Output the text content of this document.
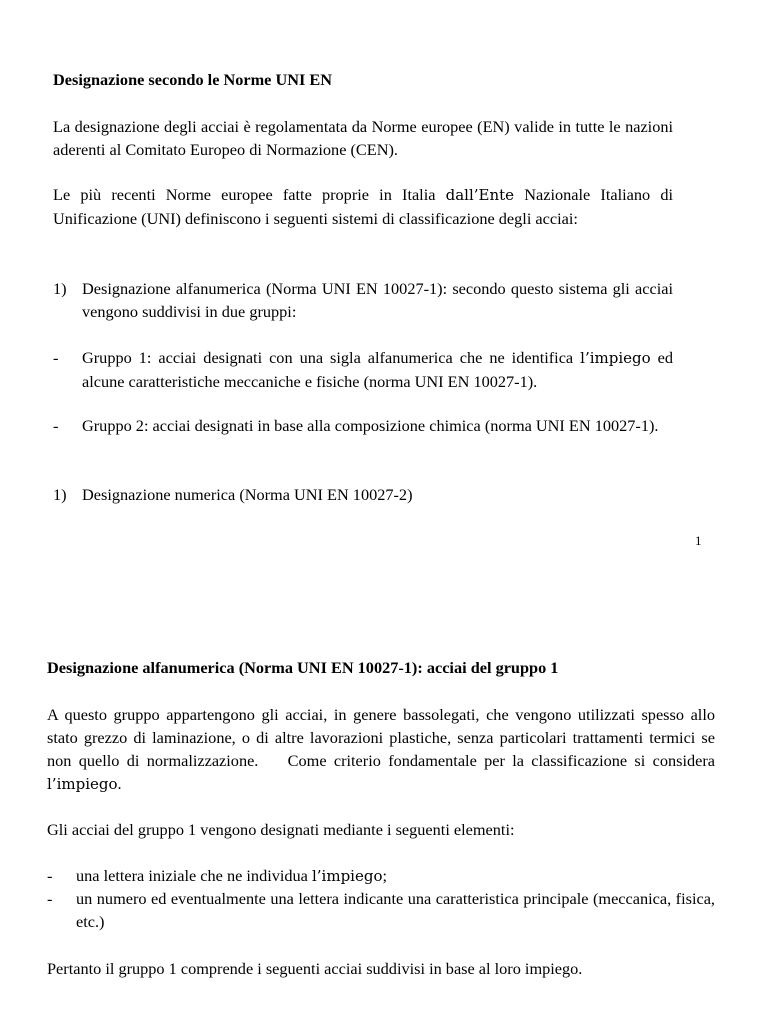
Designazione secondo le Norme UNI EN
La designazione degli acciai è regolamentata da Norme europee (EN) valide in tutte le nazioni aderenti al Comitato Europeo di Normazione (CEN).
Le più recenti Norme europee fatte proprie in Italia dall’Ente Nazionale Italiano di Unificazione (UNI) definiscono i seguenti sistemi di classificazione degli acciai:
1) Designazione alfanumerica (Norma UNI EN 10027-1): secondo questo sistema gli acciai vengono suddivisi in due gruppi:
- Gruppo 1: acciai designati con una sigla alfanumerica che ne identifica l’impiego ed alcune caratteristiche meccaniche e fisiche (norma UNI EN 10027-1).
- Gruppo 2: acciai designati in base alla composizione chimica (norma UNI EN 10027-1).
1) Designazione numerica (Norma UNI EN 10027-2)
1
Designazione alfanumerica (Norma UNI EN 10027-1): acciai del gruppo 1
A questo gruppo appartengono gli acciai, in genere bassolegati, che vengono utilizzati spesso allo stato grezzo di laminazione, o di altre lavorazioni plastiche, senza particolari trattamenti termici se non quello di normalizzazione.    Come criterio fondamentale per la classificazione si considera l’impiego.
Gli acciai del gruppo 1 vengono designati mediante i seguenti elementi:
- una lettera iniziale che ne individua l’impiego;
- un numero ed eventualmente una lettera indicante una caratteristica principale (meccanica, fisica, etc.)
Pertanto il gruppo 1 comprende i seguenti acciai suddivisi in base al loro impiego.
